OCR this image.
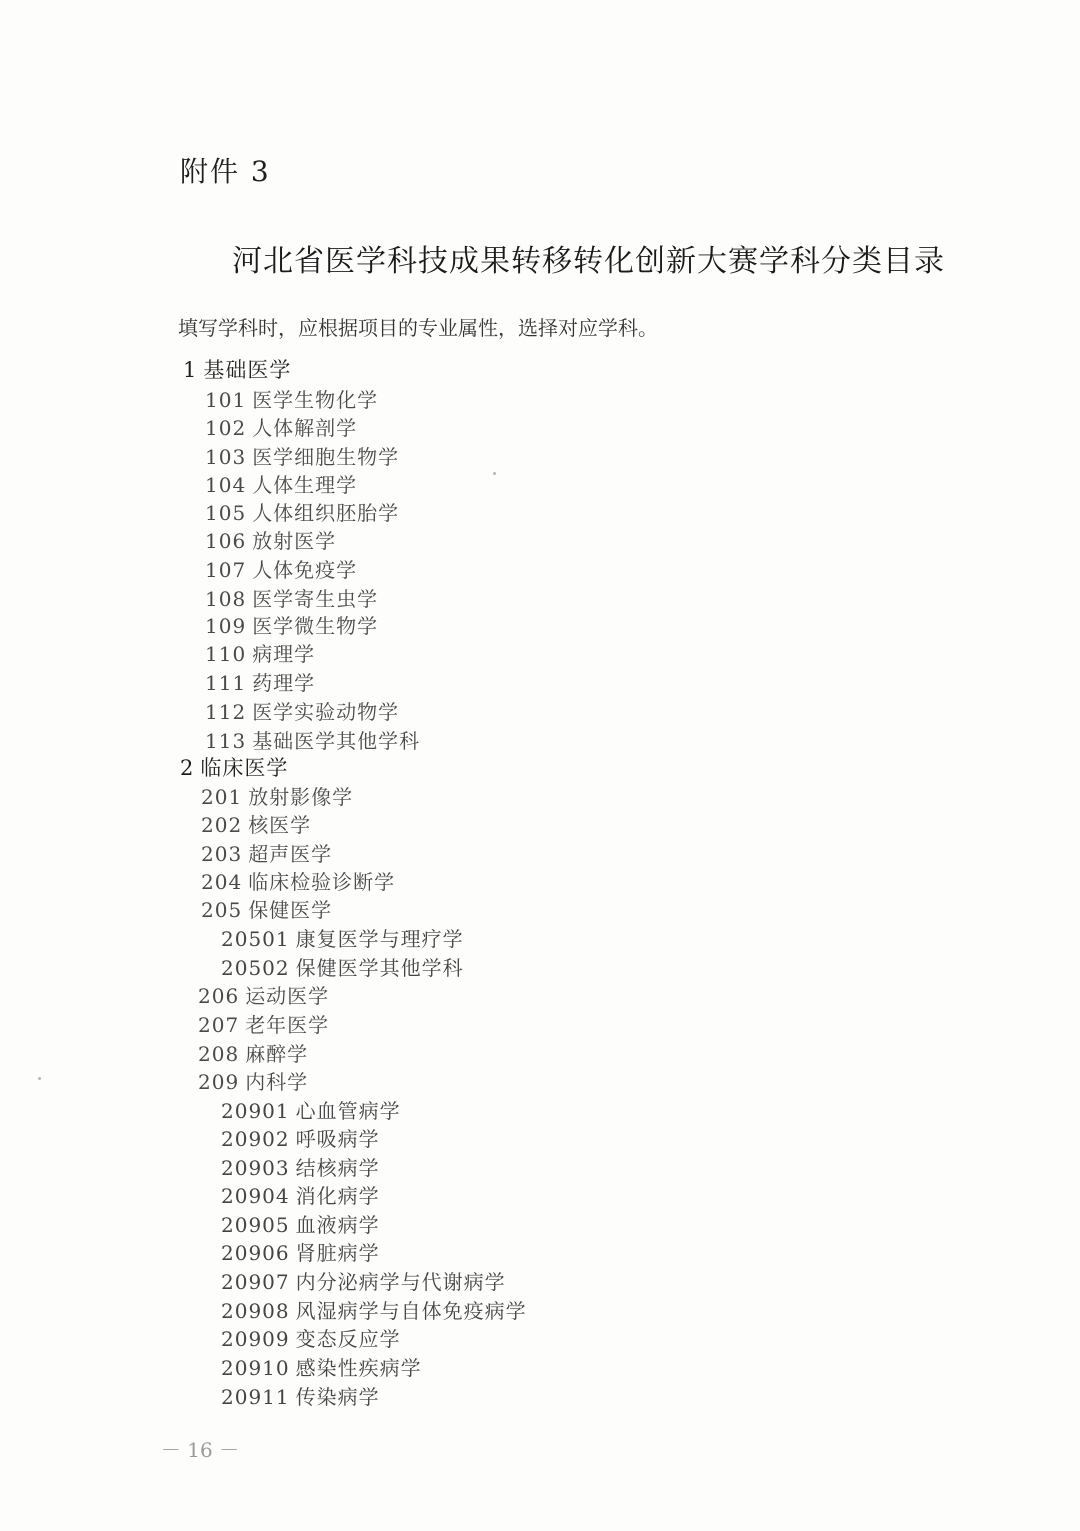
附件 3
河北省医学科技成果转移转化创新大赛学科分类目录
填写学科时，应根据项目的专业属性，选择对应学科。
1 基础医学
101 医学生物化学
102 人体解剖学
103 医学细胞生物学
104 人体生理学
105 人体组织胚胎学
106 放射医学
107 人体免疫学
108 医学寄生虫学
109 医学微生物学
110 病理学
111 药理学
112 医学实验动物学
113 基础医学其他学科
2 临床医学
201 放射影像学
202 核医学
203 超声医学
204 临床检验诊断学
205 保健医学
20501 康复医学与理疗学
20502 保健医学其他学科
206 运动医学
207 老年医学
208 麻醉学
209 内科学
20901 心血管病学
20902 呼吸病学
20903 结核病学
20904 消化病学
20905 血液病学
20906 肾脏病学
20907 内分泌病学与代谢病学
20908 风湿病学与自体免疫病学
20909 变态反应学
20910 感染性疾病学
20911 传染病学
－ 16 －
